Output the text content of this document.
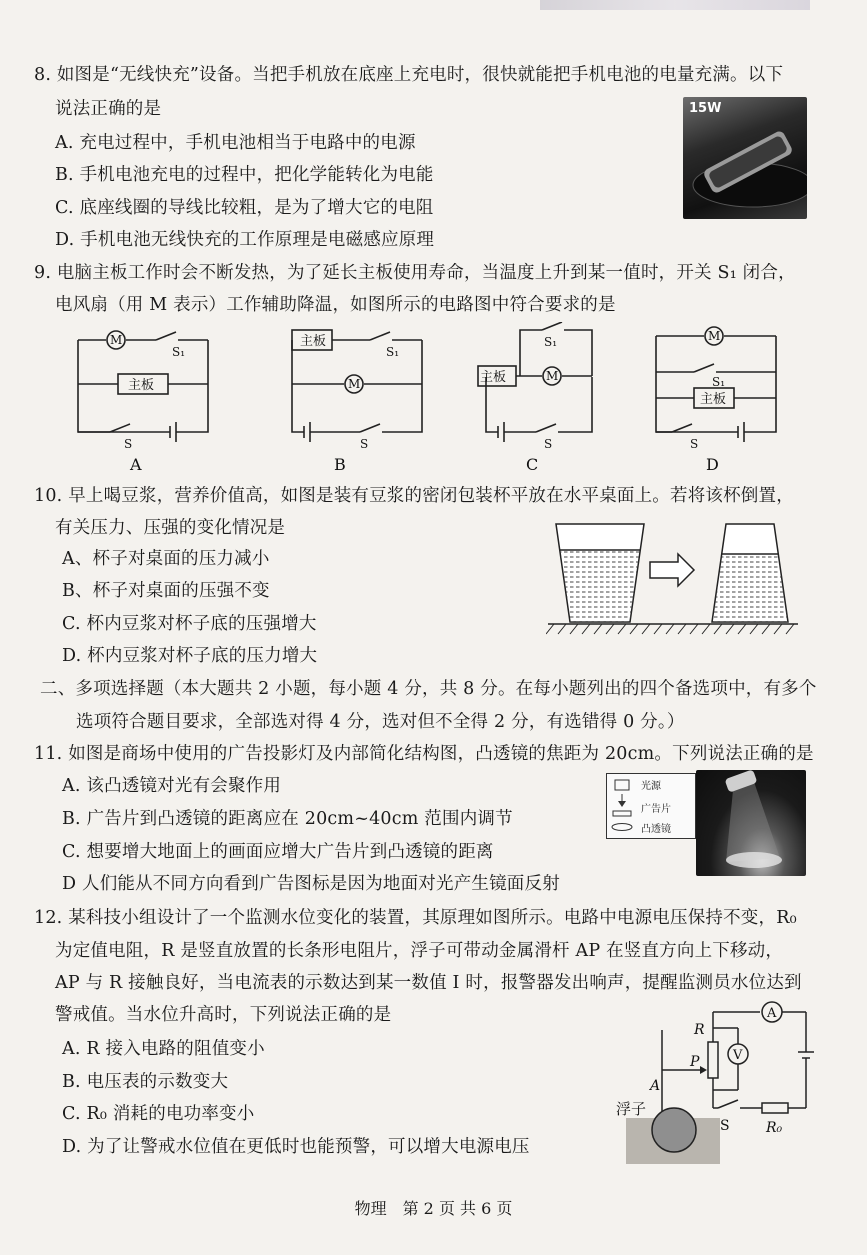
8. 如图是“无线快充”设备。当把手机放在底座上充电时，很快就能把手机电池的电量充满。以下
说法正确的是
A. 充电过程中，手机电池相当于电路中的电源
B. 手机电池充电的过程中，把化学能转化为电能
C. 底座线圈的导线比较粗，是为了增大它的电阻
D. 手机电池无线快充的工作原理是电磁感应原理
15W
9. 电脑主板工作时会不断发热，为了延长主板使用寿命，当温度上升到某一值时，开关 S₁ 闭合，
电风扇（用 M 表示）工作辅助降温，如图所示的电路图中符合要求的是
M
S₁
主板
S
主板
S₁
M
S
S₁
主板	M
S
M
S₁
主板
S
A	B	C	D
10. 早上喝豆浆，营养价值高，如图是装有豆浆的密闭包装杯平放在水平桌面上。若将该杯倒置，
有关压力、压强的变化情况是
A、杯子对桌面的压力减小
B、杯子对桌面的压强不变
C. 杯内豆浆对杯子底的压强增大
D. 杯内豆浆对杯子底的压力增大
二、多项选择题（本大题共 2 小题，每小题 4 分，共 8 分。在每小题列出的四个备选项中，有多个
选项符合题目要求，全部选对得 4 分，选对但不全得 2 分，有选错得 0 分。）
11. 如图是商场中使用的广告投影灯及内部简化结构图，凸透镜的焦距为 20cm。下列说法正确的是
A. 该凸透镜对光有会聚作用
B. 广告片到凸透镜的距离应在 20cm~40cm 范围内调节
C. 想要增大地面上的画面应增大广告片到凸透镜的距离
D 人们能从不同方向看到广告图标是因为地面对光产生镜面反射
光源
广告片
凸透镜
12. 某科技小组设计了一个监测水位变化的装置，其原理如图所示。电路中电源电压保持不变，R₀
为定值电阻，R 是竖直放置的长条形电阻片，浮子可带动金属滑杆 AP 在竖直方向上下移动，
AP 与 R 接触良好，当电流表的示数达到某一数值 I 时，报警器发出响声，提醒监测员水位达到
警戒值。当水位升高时，下列说法正确的是
A. R 接入电路的阻值变小
B. 电压表的示数变大
C. R₀ 消耗的电功率变小
D. 为了让警戒水位值在更低时也能预警，可以增大电源电压
R
P
A
R₀
A
V
S
浮子
物理　第 2 页 共 6 页
